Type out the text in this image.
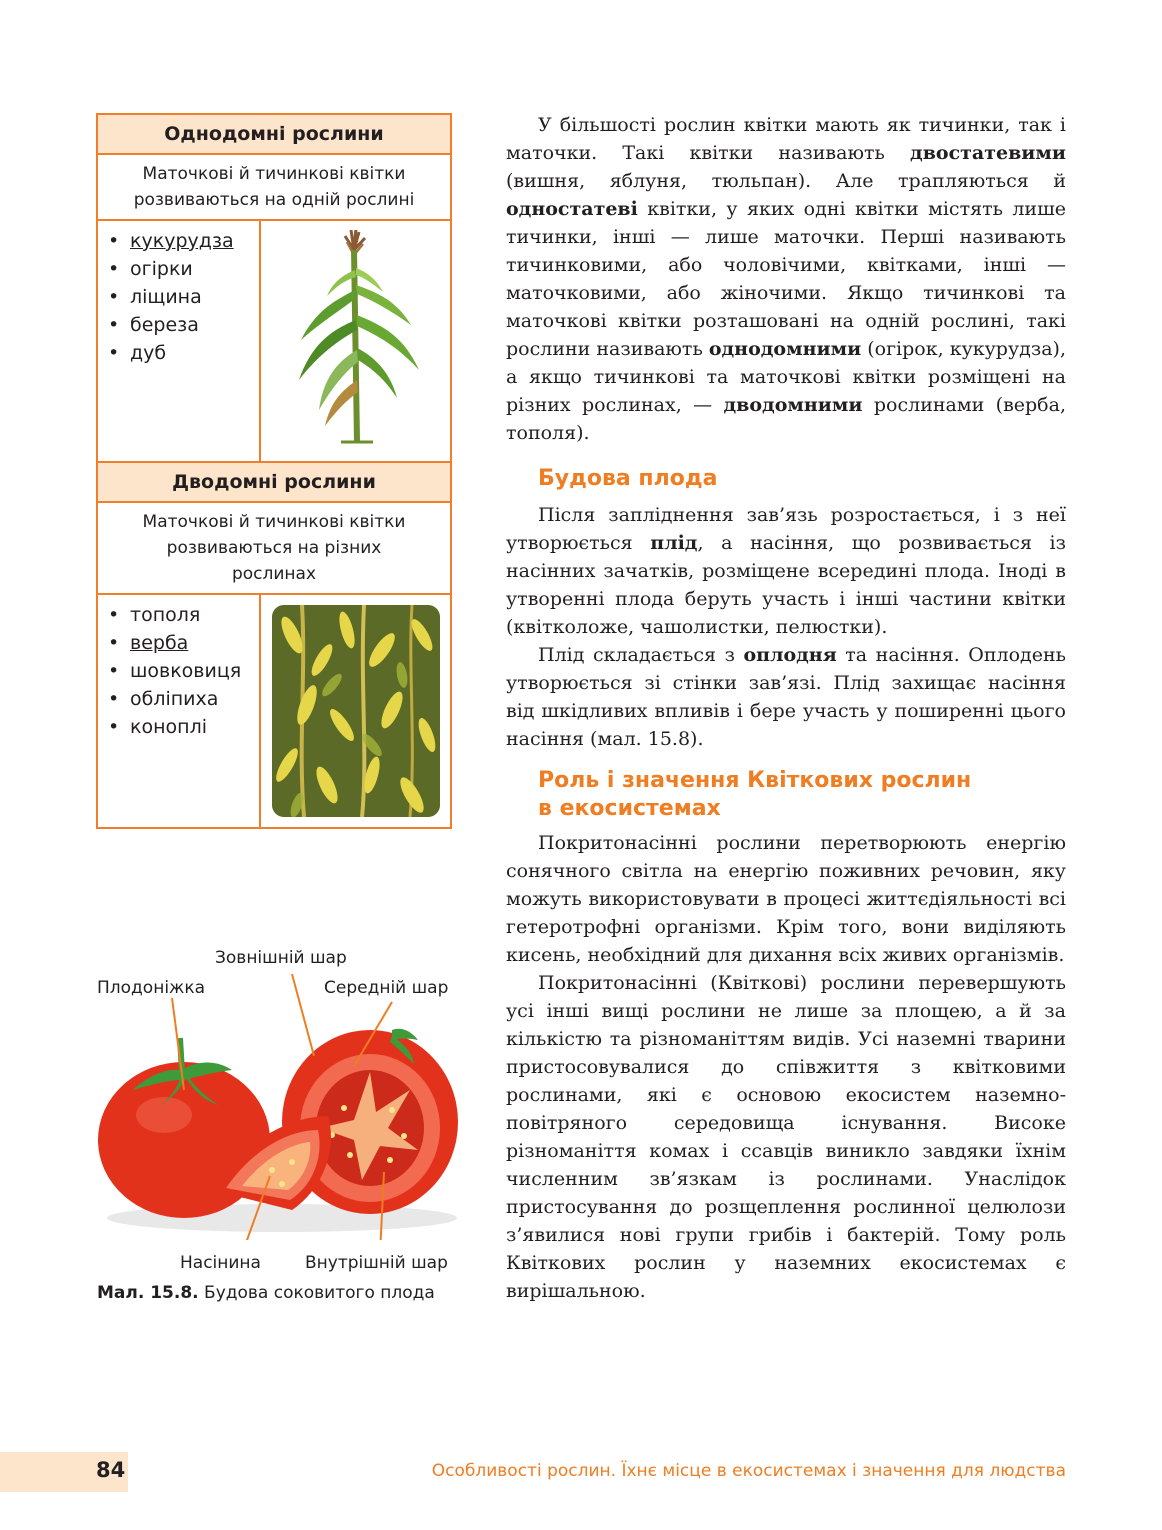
Однодомні рослини
Маточкові й тичинкові квітки
розвиваються на одній рослині
• кукурудза
• огірки
• ліщина
• береза
• дуб
Дводомні рослини
Маточкові й тичинкові квітки
розвиваються на різних
рослинах
• тополя
• верба
• шовковиця
• обліпиха
• коноплі

У більшості рослин квітки мають як тичинки, так і маточки. Такі квітки називають двостатевими (вишня, яблуня, тюльпан). Але трапляються й одностатеві квітки, у яких одні квітки містять лише тичинки, інші — лише маточки. Перші називають тичинковими, або чоловічими, квітками, інші — маточковими, або жіночими. Якщо тичинкові та маточкові квітки розташовані на одній рослині, такі рослини називають однодомними (огірок, кукурудза), а якщо тичинкові та маточкові квітки розміщені на різних рослинах, — дводомними рослинами (верба, тополя).

Будова плода

Після запліднення зав’язь розростається, і з неї утворюється плід, а насіння, що розвивається із насінних зачатків, розміщене всередині плода. Іноді в утворенні плода беруть участь і інші частини квітки (квітколоже, чашолистки, пелюстки).

Плід складається з оплодня та насіння. Оплодень утворюється зі стінки зав’язі. Плід захищає насіння від шкідливих впливів і бере участь у поширенні цього насіння (мал. 15.8).

Роль і значення Квіткових рослин
в екосистемах

Покритонасінні рослини перетворюють енергію сонячного світла на енергію поживних речовин, яку можуть використовувати в процесі життєдіяльності всі гетеротрофні організми. Крім того, вони виділяють кисень, необхідний для дихання всіх живих організмів.

Покритонасінні (Квіткові) рослини перевершують усі інші вищі рослини не лише за площею, а й за кількістю та різноманіттям видів. Усі наземні тварини пристосовувалися до співжиття з квітковими рослинами, які є основою екосистем наземно-повітряного середовища існування. Високе різноманіття комах і ссавців виникло завдяки їхнім численним зв’язкам із рослинами. Унаслідок пристосування до розщеплення рослинної целюлози з’явилися нові групи грибів і бактерій. Тому роль Квіткових рослин у наземних екосистемах є вирішальною.

Зовнішній шар
Плодоніжка	Середній шар
Насінина	Внутрішній шар
Мал. 15.8. Будова соковитого плода
84	Особливості рослин. Їхнє місце в екосистемах і значення для людства
